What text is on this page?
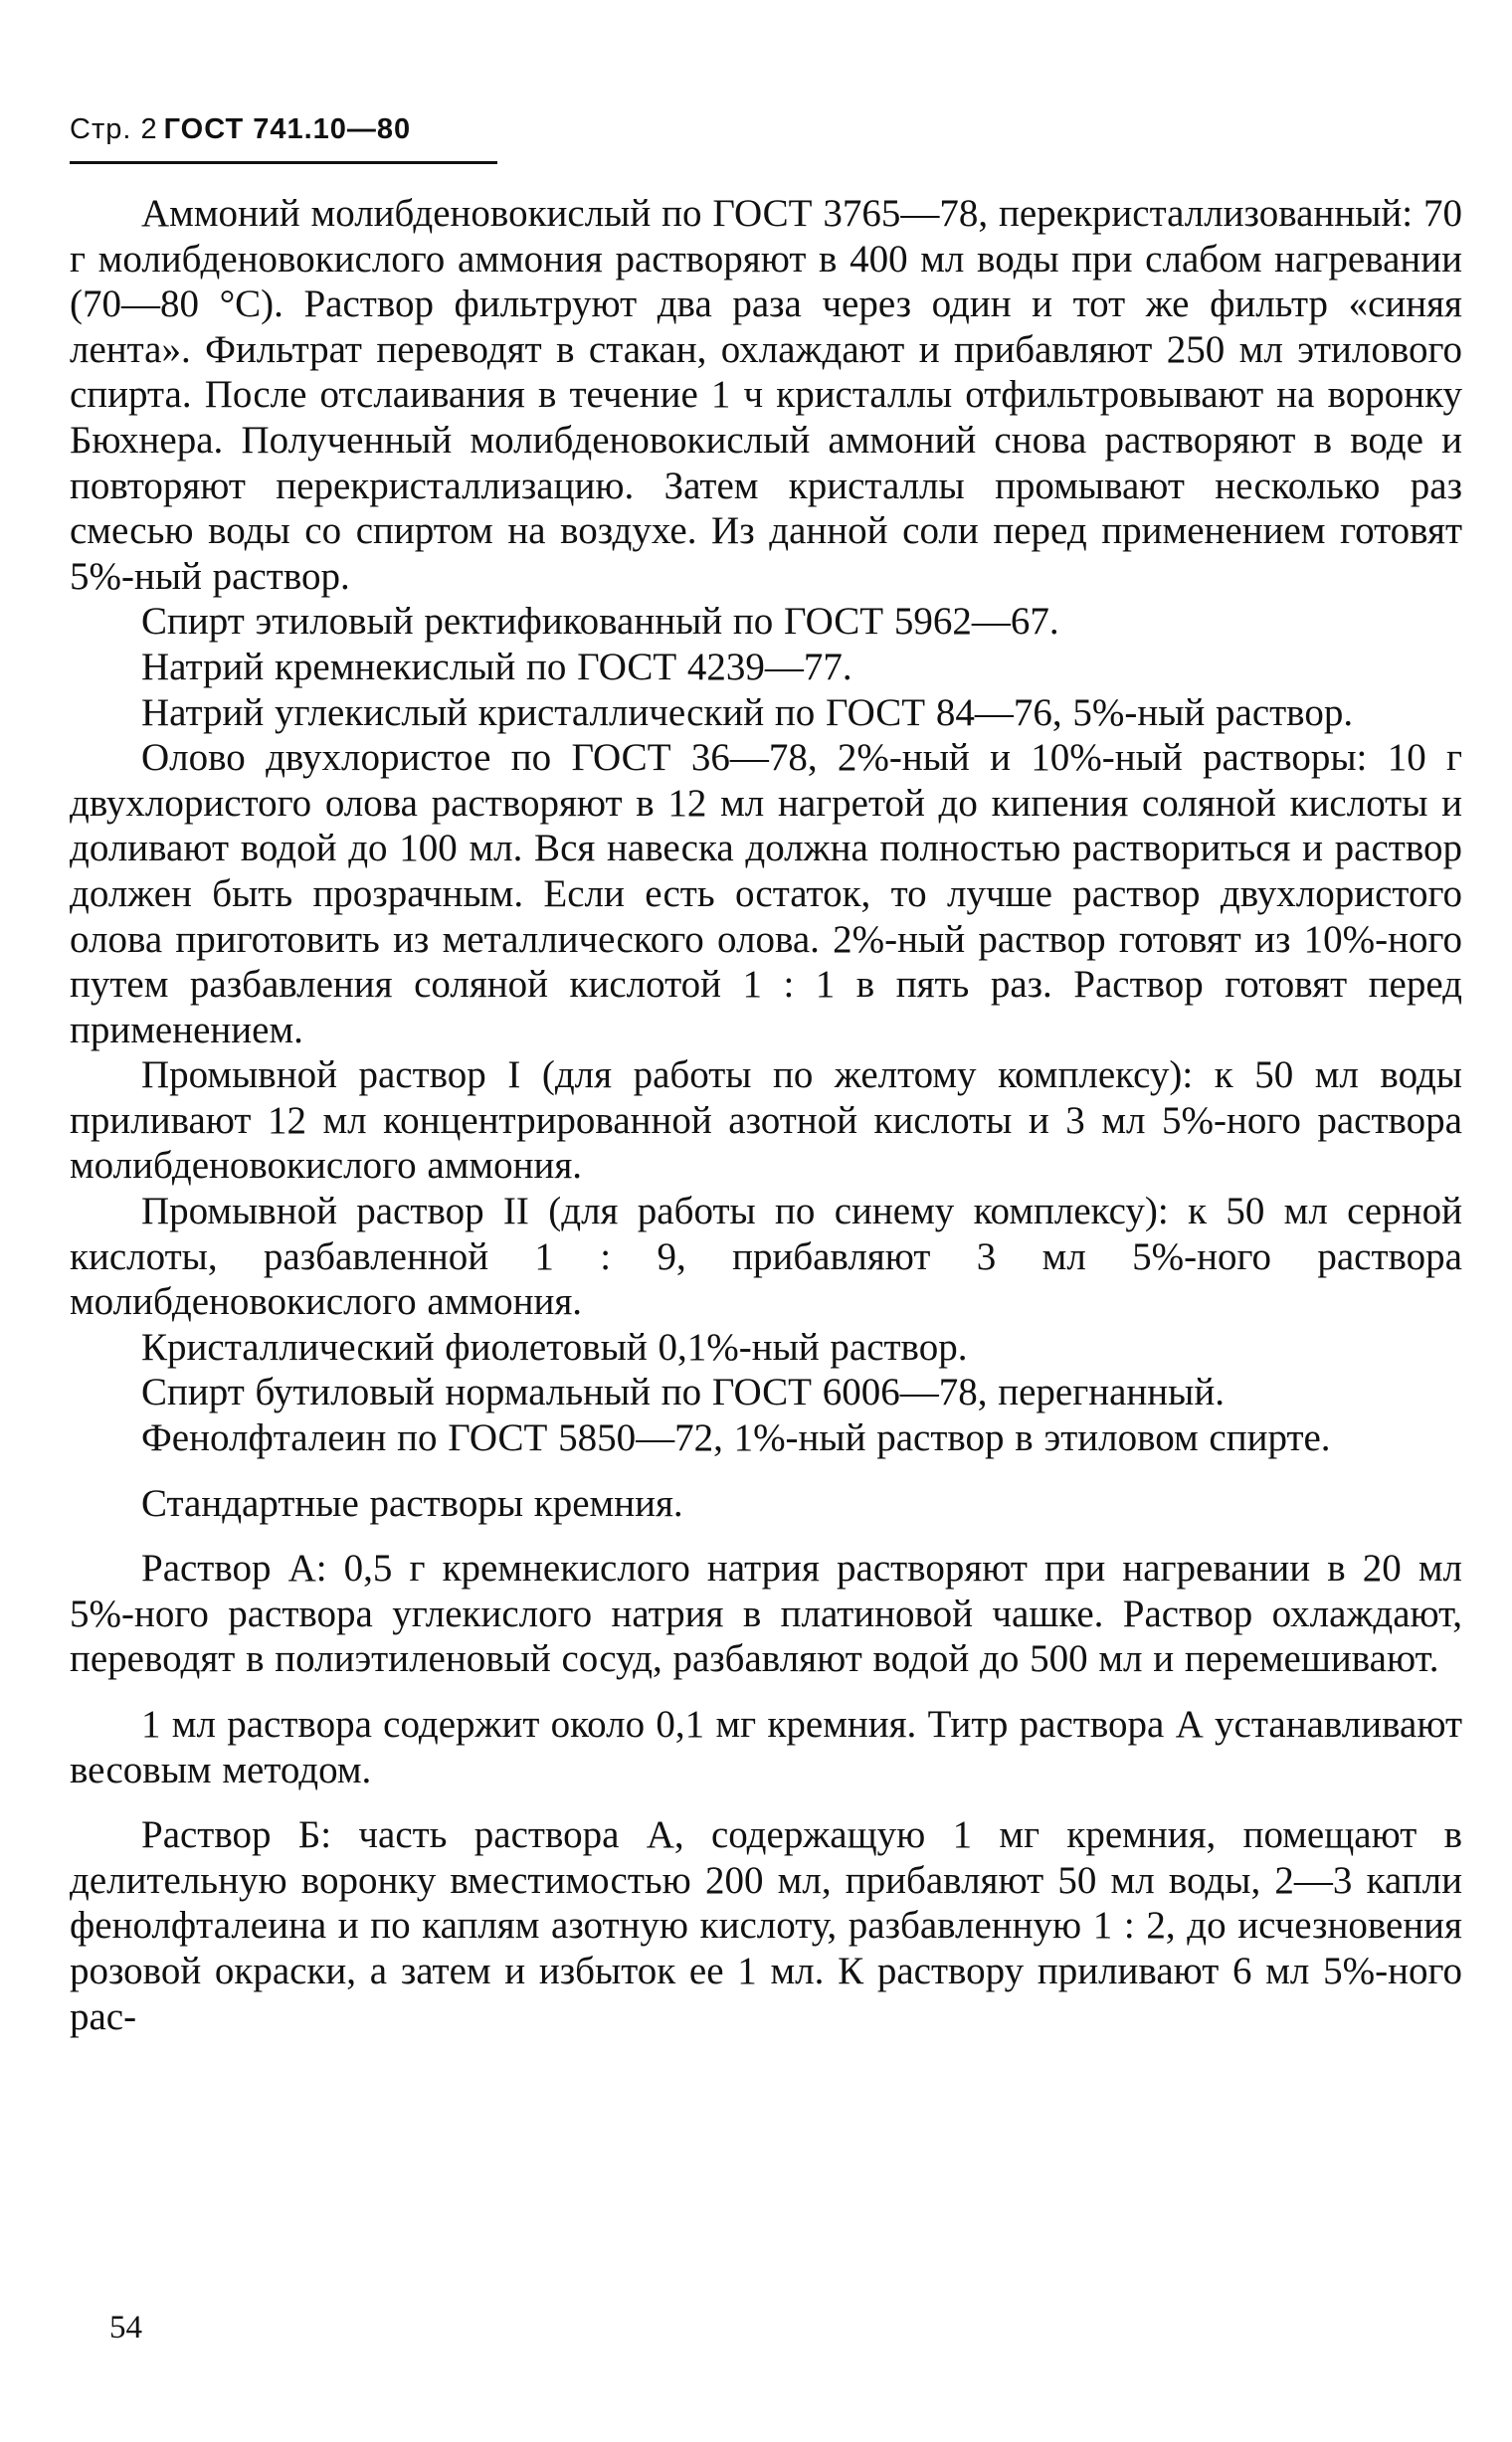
Стр. 2 ГОСТ 741.10—80

Аммоний молибденовокислый по ГОСТ 3765—78, перекристаллизованный: 70 г молибденовокислого аммония растворяют в 400 мл воды при слабом нагревании (70—80 °С). Раствор фильтруют два раза через один и тот же фильтр «синяя лента». Фильтрат переводят в стакан, охлаждают и прибавляют 250 мл этилового спирта. После отслаивания в течение 1 ч кристаллы отфильтровывают на воронку Бюхнера. Полученный молибденовокислый аммоний снова растворяют в воде и повторяют перекристаллизацию. Затем кристаллы промывают несколько раз смесью воды со спиртом на воздухе. Из данной соли перед применением готовят 5%-ный раствор.

Спирт этиловый ректификованный по ГОСТ 5962—67.

Натрий кремнекислый по ГОСТ 4239—77.

Натрий углекислый кристаллический по ГОСТ 84—76, 5%-ный раствор.

Олово двухлористое по ГОСТ 36—78, 2%-ный и 10%-ный растворы: 10 г двухлористого олова растворяют в 12 мл нагретой до кипения соляной кислоты и доливают водой до 100 мл. Вся навеска должна полностью раствориться и раствор должен быть прозрачным. Если есть остаток, то лучше раствор двухлористого олова приготовить из металлического олова. 2%-ный раствор готовят из 10%-ного путем разбавления соляной кислотой 1 : 1 в пять раз. Раствор готовят перед применением.

Промывной раствор I (для работы по желтому комплексу): к 50 мл воды приливают 12 мл концентрированной азотной кислоты и 3 мл 5%-ного раствора молибденовокислого аммония.

Промывной раствор II (для работы по синему комплексу): к 50 мл серной кислоты, разбавленной 1 : 9, прибавляют 3 мл 5%-ного раствора молибденовокислого аммония.

Кристаллический фиолетовый 0,1%-ный раствор.

Спирт бутиловый нормальный по ГОСТ 6006—78, перегнанный.

Фенолфталеин по ГОСТ 5850—72, 1%-ный раствор в этиловом спирте.

Стандартные растворы кремния.

Раствор А: 0,5 г кремнекислого натрия растворяют при нагревании в 20 мл 5%-ного раствора углекислого натрия в платиновой чашке. Раствор охлаждают, переводят в полиэтиленовый сосуд, разбавляют водой до 500 мл и перемешивают.

1 мл раствора содержит около 0,1 мг кремния. Титр раствора А устанавливают весовым методом.

Раствор Б: часть раствора А, содержащую 1 мг кремния, помещают в делительную воронку вместимостью 200 мл, прибавляют 50 мл воды, 2—3 капли фенолфталеина и по каплям азотную кислоту, разбавленную 1 : 2, до исчезновения розовой окраски, а затем и избыток ее 1 мл. К раствору приливают 6 мл 5%-ного рас-

54
